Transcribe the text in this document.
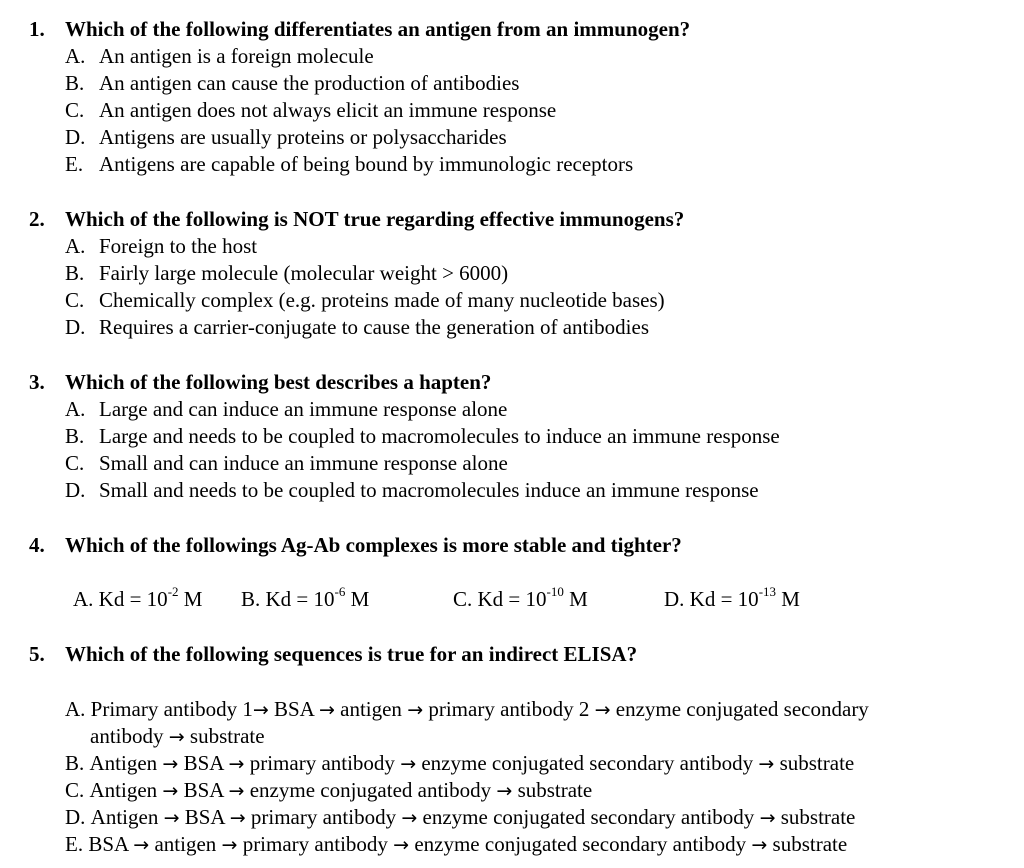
1. Which of the following differentiates an antigen from an immunogen?
A. An antigen is a foreign molecule
B. An antigen can cause the production of antibodies
C. An antigen does not always elicit an immune response
D. Antigens are usually proteins or polysaccharides
E. Antigens are capable of being bound by immunologic receptors
2. Which of the following is NOT true regarding effective immunogens?
A. Foreign to the host
B. Fairly large molecule (molecular weight > 6000)
C. Chemically complex (e.g. proteins made of many nucleotide bases)
D. Requires a carrier-conjugate to cause the generation of antibodies
3. Which of the following best describes a hapten?
A. Large and can induce an immune response alone
B. Large and needs to be coupled to macromolecules to induce an immune response
C. Small and can induce an immune response alone
D. Small and needs to be coupled to macromolecules induce an immune response
4. Which of the followings Ag-Ab complexes is more stable and tighter?
A. $Kd = 10^{-2}$ M B. $Kd = 10^{-6}$ M	C. $Kd = 10^{-10}$ M	D. $Kd = 10^{-13}$ M
5. Which of the following sequences is true for an indirect ELISA?
A. Primary antibody 1→ BSA → antigen → primary antibody 2 → enzyme conjugated secondary
antibody → substrate
B. Antigen → BSA → primary antibody → enzyme conjugated secondary antibody → substrate
C. Antigen → BSA → enzyme conjugated antibody → substrate
D. Antigen → BSA → primary antibody → enzyme conjugated secondary antibody → substrate
E. BSA → antigen → primary antibody → enzyme conjugated secondary antibody → substrate
